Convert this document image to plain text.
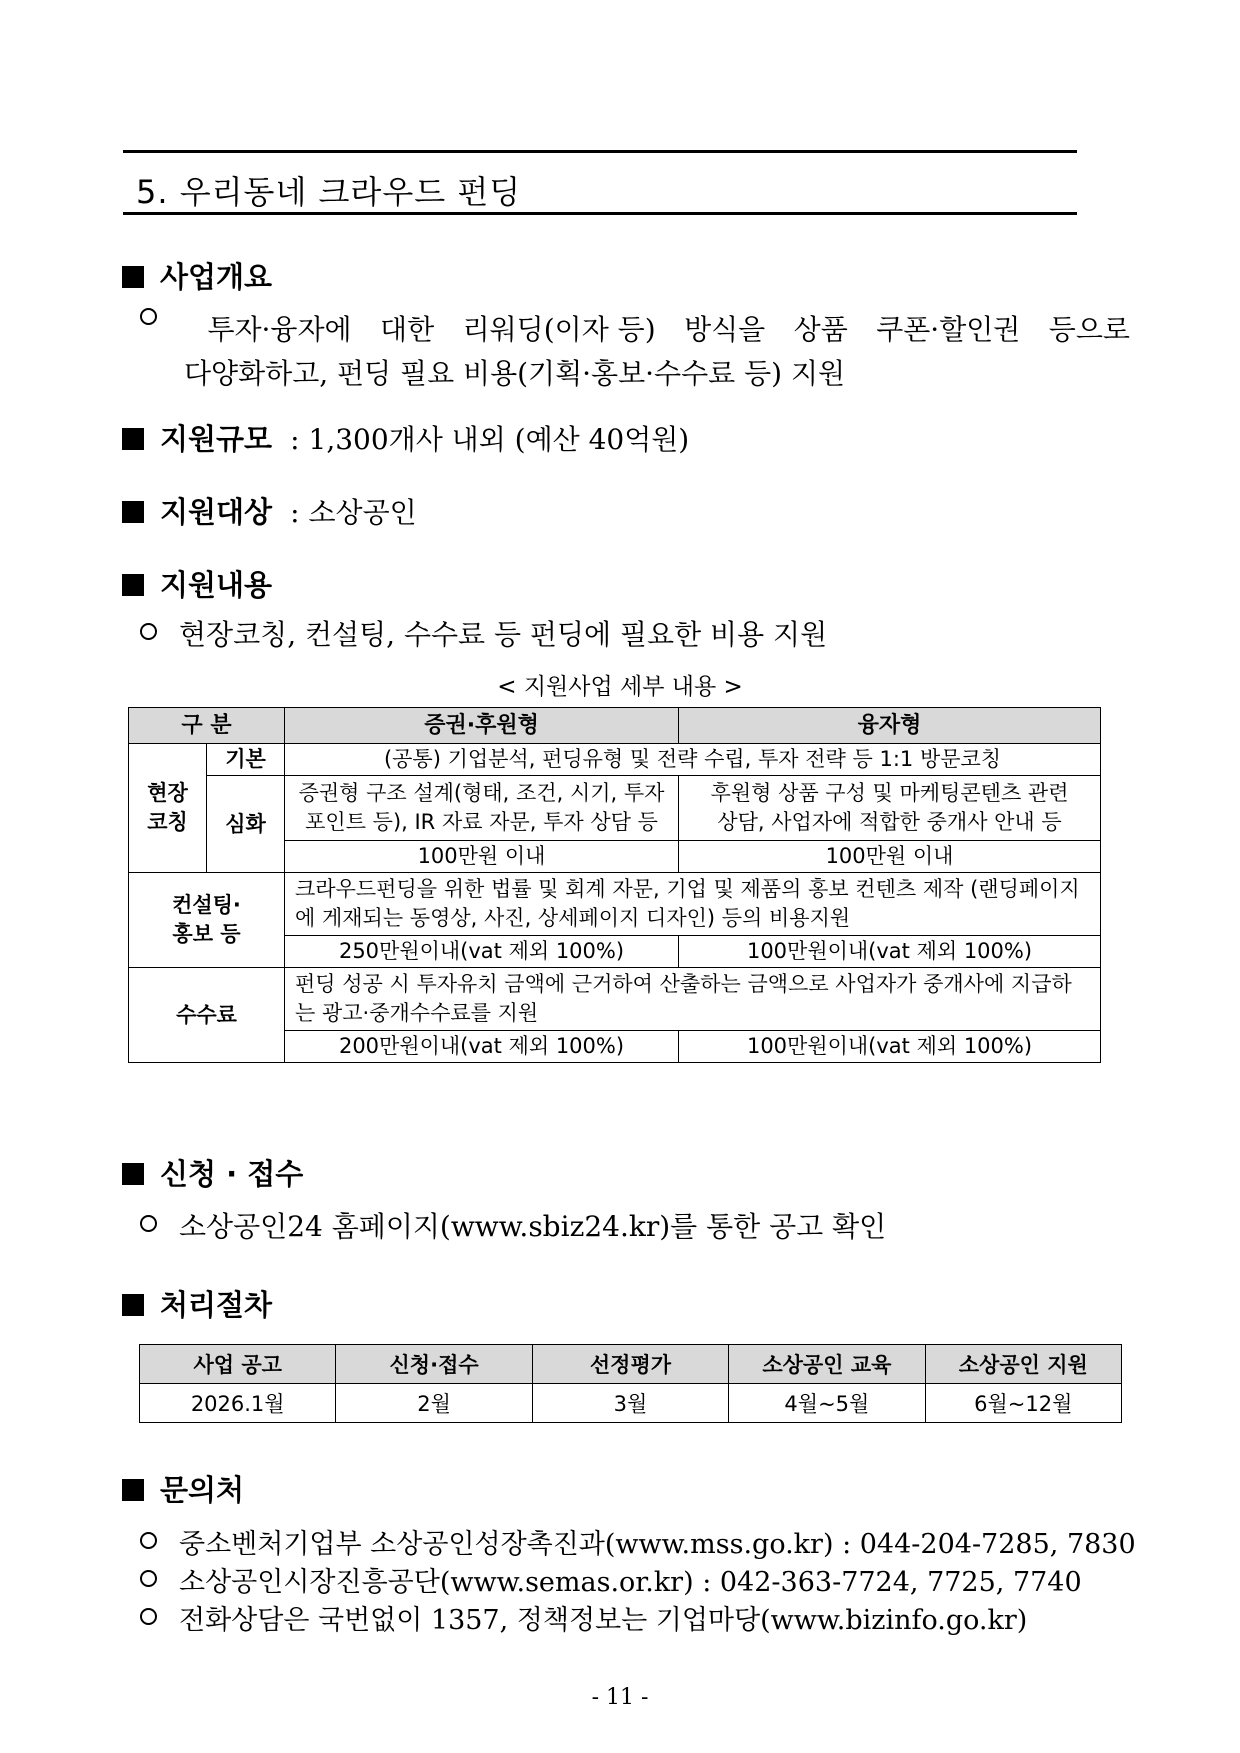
5. 우리동네 크라우드 펀딩
사업개요
투자·융자에 대한 리워딩(이자 등) 방식을 상품 쿠폰·할인권 등으로
다양화하고, 펀딩 필요 비용(기획·홍보·수수료 등) 지원
지원규모 : 1,300개사 내외 (예산 40억원)
지원대상 : 소상공인
지원내용
현장코칭, 컨설팅, 수수료 등 펀딩에 필요한 비용 지원
< 지원사업 세부 내용 >
구 분		증권·후원형	융자형
현장
코칭	기본	(공통) 기업분석, 펀딩유형 및 전략 수립, 투자 전략 등 1:1 방문코칭	
	심화	증권형 구조 설계(형태, 조건, 시기, 투자포인트 등), IR 자료 자문, 투자 상담 등	후원형 상품 구성 및 마케팅콘텐츠 관련 상담, 사업자에 적합한 중개사 안내 등
		100만원 이내	100만원 이내
컨설팅·
홍보 등		크라우드펀딩을 위한 법률 및 회계 자문, 기업 및 제품의 홍보 컨텐츠 제작 (랜딩페이지에 게재되는 동영상, 사진, 상세페이지 디자인) 등의 비용지원	
		250만원이내(vat 제외 100%)	100만원이내(vat 제외 100%)
수수료		펀딩 성공 시 투자유치 금액에 근거하여 산출하는 금액으로 사업자가 중개사에 지급하는 광고·중개수수료를 지원	
		200만원이내(vat 제외 100%)	100만원이내(vat 제외 100%)
신청 · 접수
소상공인24 홈페이지(www.sbiz24.kr)를 통한 공고 확인
처리절차
사업 공고	신청·접수	선정평가	소상공인 교육	소상공인 지원
2026.1월	2월	3월	4월~5월	6월~12월
문의처
중소벤처기업부 소상공인성장촉진과(www.mss.go.kr) : 044-204-7285, 7830
소상공인시장진흥공단(www.semas.or.kr) : 042-363-7724, 7725, 7740
전화상담은 국번없이 1357, 정책정보는 기업마당(www.bizinfo.go.kr)
- 11 -
